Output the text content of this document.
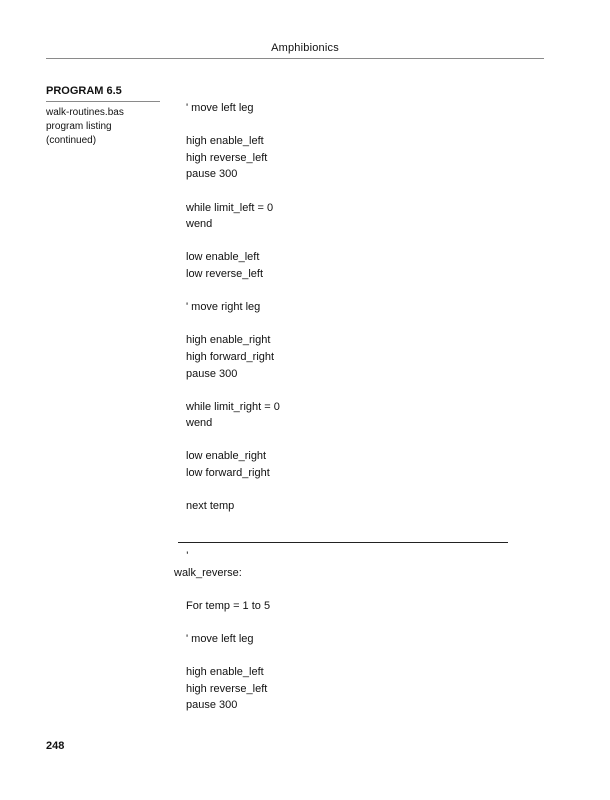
Amphibionics
PROGRAM 6.5
walk-routines.bas
program listing
(continued)
' move left leg
high enable_left
high reverse_left
pause 300
while limit_left = 0
wend
low enable_left
low reverse_left
' move right leg
high enable_right
high forward_right
pause 300
while limit_right = 0
wend
low enable_right
low forward_right
next temp

'

walk_reverse:
For temp = 1 to 5
' move left leg
high enable_left
high reverse_left
pause 300
248
